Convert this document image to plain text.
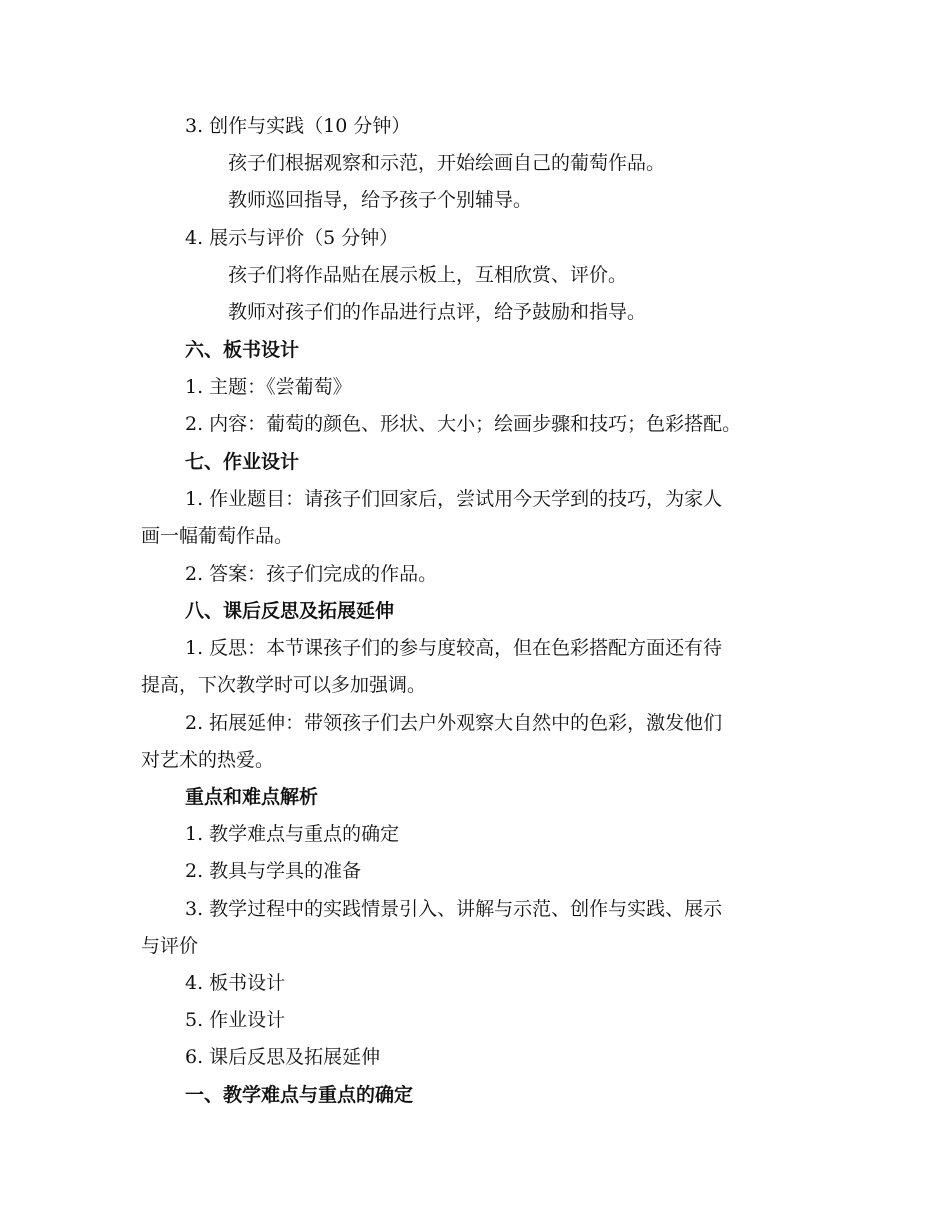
3. 创作与实践（10 分钟）
孩子们根据观察和示范，开始绘画自己的葡萄作品。
教师巡回指导，给予孩子个别辅导。
4. 展示与评价（5 分钟）
孩子们将作品贴在展示板上，互相欣赏、评价。
教师对孩子们的作品进行点评，给予鼓励和指导。
六、板书设计
1. 主题：《尝葡萄》
2. 内容：葡萄的颜色、形状、大小；绘画步骤和技巧；色彩搭配。
七、作业设计
1. 作业题目：请孩子们回家后，尝试用今天学到的技巧，为家人
画一幅葡萄作品。
2. 答案：孩子们完成的作品。
八、课后反思及拓展延伸
1. 反思：本节课孩子们的参与度较高，但在色彩搭配方面还有待
提高，下次教学时可以多加强调。
2. 拓展延伸：带领孩子们去户外观察大自然中的色彩，激发他们
对艺术的热爱。
重点和难点解析
1. 教学难点与重点的确定
2. 教具与学具的准备
3. 教学过程中的实践情景引入、讲解与示范、创作与实践、展示
与评价
4. 板书设计
5. 作业设计
6. 课后反思及拓展延伸
一、教学难点与重点的确定
